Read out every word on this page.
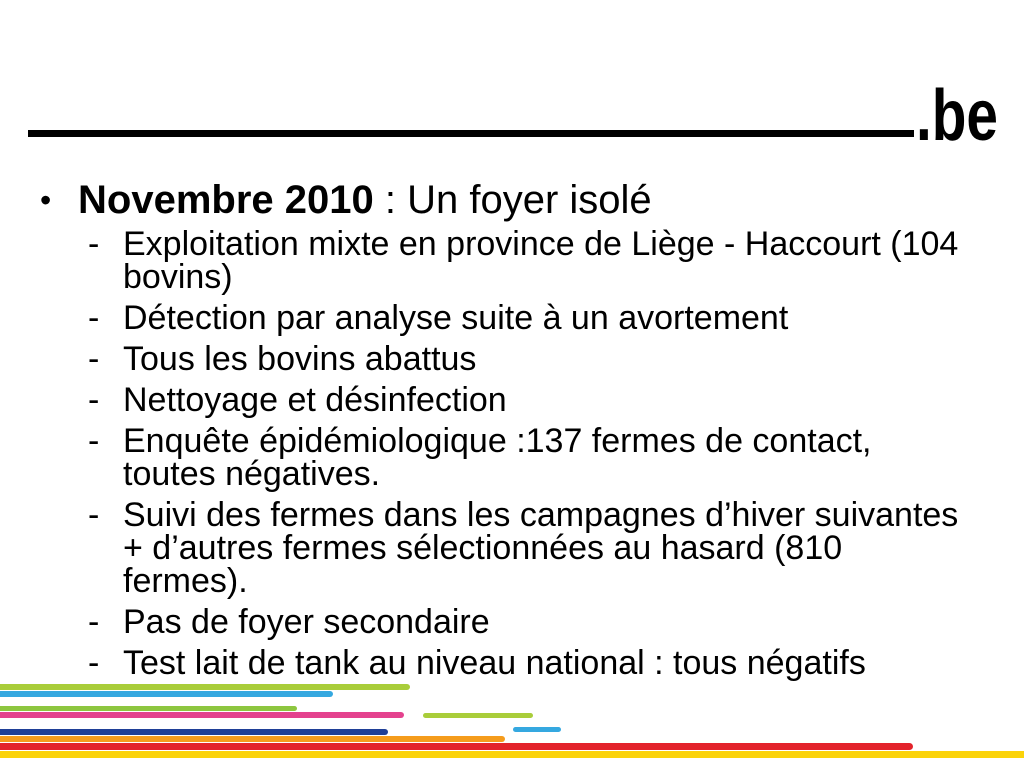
.be
• Novembre 2010 : Un foyer isolé
- Exploitation mixte en province de Liège - Haccourt (104
bovins)
- Détection par analyse suite à un avortement
- Tous les bovins abattus
- Nettoyage et désinfection
- Enquête épidémiologique :137 fermes de contact,
toutes négatives.
- Suivi des fermes dans les campagnes d’hiver suivantes
+ d’autres fermes sélectionnées au hasard (810
fermes).
- Pas de foyer secondaire
- Test lait de tank au niveau national : tous négatifs
